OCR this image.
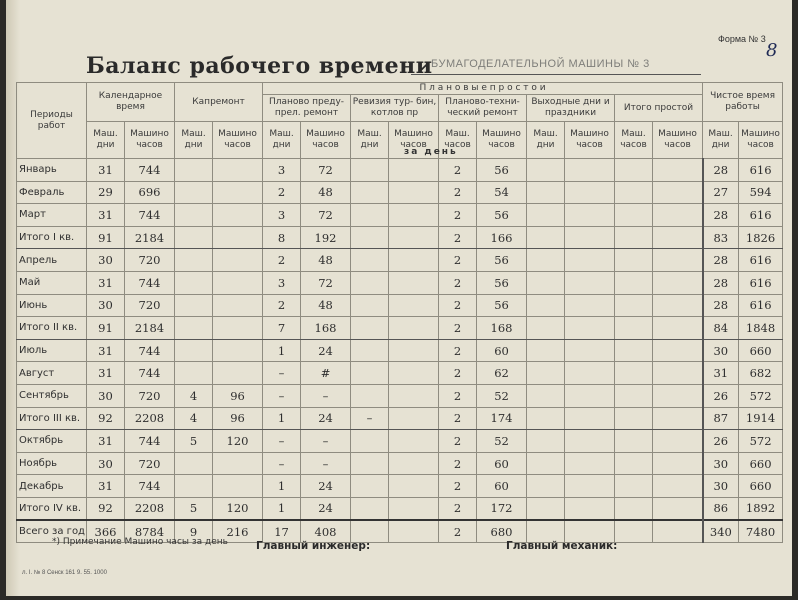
Форма № 3
8
Баланс рабочего времени
БУМАГОДЕЛАТЕЛЬНОЙ МАШИНЫ № 3
Периоды работ	Календарное время		Капремонт		П л а н о в ы е п р о с т о и										Чистое время работы	
					Планово преду- прел. ремонт		Ревизия тур- бин, котлов пр		Планово-техни- ческий ремонт		Выходные дни и праздники		Итого простой			
	Маш. дни	Машино часов	Маш. дни	Машино часов	Маш. дни	Машино часов	Маш. дни	Машино часов	Маш. часов	Машино часов	Маш. дни	Машино часов	Маш. часов	Машино часов	Маш. дни	Машино часов
Январь	31	744			3	72			2	56					28	616
Февраль	29	696			2	48			2	54					27	594
Март	31	744			3	72			2	56					28	616
Итого I кв.	91	2184			8	192			2	166					83	1826
Апрель	30	720			2	48			2	56					28	616
Май	31	744			3	72			2	56					28	616
Июнь	30	720			2	48			2	56					28	616
Итого II кв.	91	2184			7	168			2	168					84	1848
Июль	31	744			1	24			2	60					30	660
Август	31	744			–	#			2	62					31	682
Сентябрь	30	720	4	96	–	–			2	52					26	572
Итого III кв.	92	2208	4	96	1	24	–		2	174					87	1914
Октябрь	31	744	5	120	–	–			2	52					26	572
Ноябрь	30	720			–	–			2	60					30	660
Декабрь	31	744			1	24			2	60					30	660
Итого IV кв.	92	2208	5	120	1	24			2	172					86	1892
Всего за год	366	8784	9	216	17	408			2	680					340	7480
за день
*) Примечание Машино часы за день	Главный инженер:	Главный механик:
л. I. № 8 Сенск 161 9. 55. 1000
